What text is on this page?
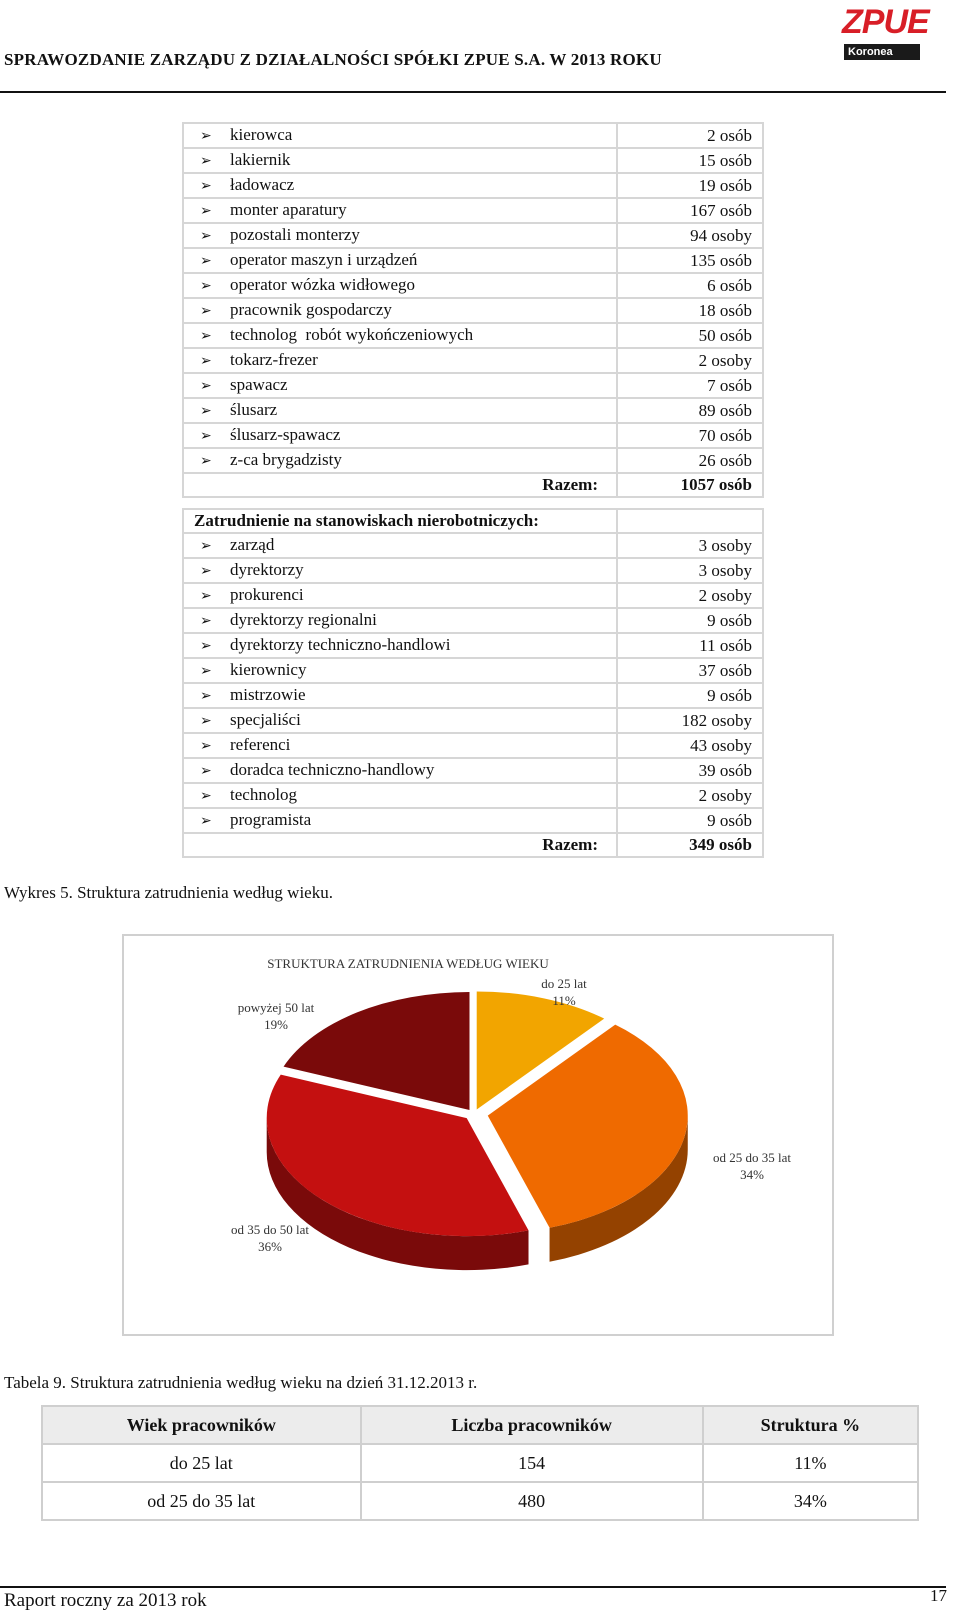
SPRAWOZDANIE ZARZĄDU Z DZIAŁALNOŚCI SPÓŁKI ZPUE S.A. W 2013 ROKU
ZPUE
Koronea
➢ kierowca	2 osób
➢ lakiernik	15 osób
➢ ładowacz	19 osób
➢ monter aparatury	167 osób
➢ pozostali monterzy	94 osoby
➢ operator maszyn i urządzeń	135 osób
➢ operator wózka widłowego	6 osób
➢ pracownik gospodarczy	18 osób
➢ technolog  robót wykończeniowych	50 osób
➢ tokarz-frezer	2 osoby
➢ spawacz	7 osób
➢ ślusarz	89 osób
➢ ślusarz-spawacz	70 osób
➢ z-ca brygadzisty	26 osób
Razem:	1057 osób
Zatrudnienie na stanowiskach nierobotniczych:	
➢ zarząd	3 osoby
➢ dyrektorzy	3 osoby
➢ prokurenci	2 osoby
➢ dyrektorzy regionalni	9 osób
➢ dyrektorzy techniczno-handlowi	11 osób
➢ kierownicy	37 osób
➢ mistrzowie	9 osób
➢ specjaliści	182 osoby
➢ referenci	43 osoby
➢ doradca techniczno-handlowy	39 osób
➢ technolog	2 osoby
➢ programista	9 osób
Razem:	349 osób
Wykres 5. Struktura zatrudnienia według wieku.
STRUKTURA ZATRUDNIENIA WEDŁUG WIEKU
do 25 lat
11%
od 25 do 35 lat
34%
od 35 do 50 lat
36%
powyżej 50 lat
19%
Tabela 9. Struktura zatrudnienia według wieku na dzień 31.12.2013 r.
Wiek pracowników	Liczba pracowników	Struktura %
do 25 lat	154	11%
od 25 do 35 lat	480	34%
Raport roczny za 2013 rok	17
